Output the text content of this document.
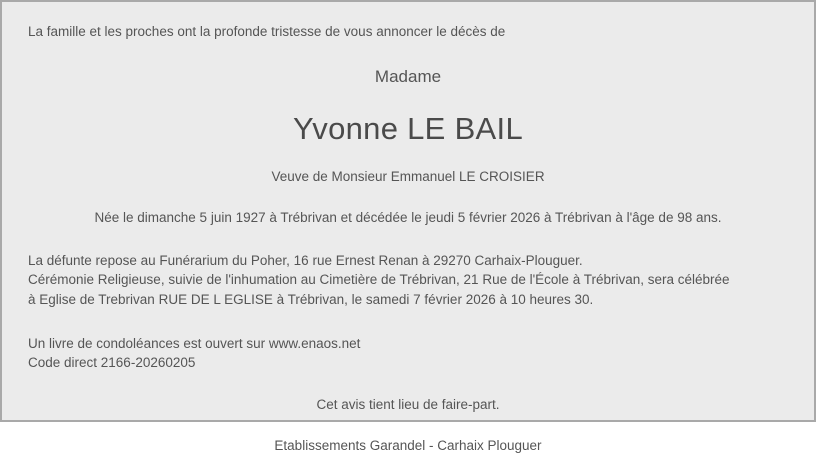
La famille et les proches ont la profonde tristesse de vous annoncer le décès de

Madame

Yvonne LE BAIL

Veuve de Monsieur Emmanuel LE CROISIER

Née le dimanche 5 juin 1927 à Trébrivan et décédée le jeudi 5 février 2026 à Trébrivan à l'âge de 98 ans.

La défunte repose au Funérarium du Poher, 16 rue Ernest Renan à 29270 Carhaix-Plouguer.

Cérémonie Religieuse, suivie de l'inhumation au Cimetière de Trébrivan, 21 Rue de l'École à Trébrivan, sera célébrée

à Eglise de Trebrivan RUE DE L EGLISE à Trébrivan, le samedi 7 février 2026 à 10 heures 30.

Un livre de condoléances est ouvert sur www.enaos.net

Code direct 2166-20260205

Cet avis tient lieu de faire-part.

Etablissements Garandel - Carhaix Plouguer
